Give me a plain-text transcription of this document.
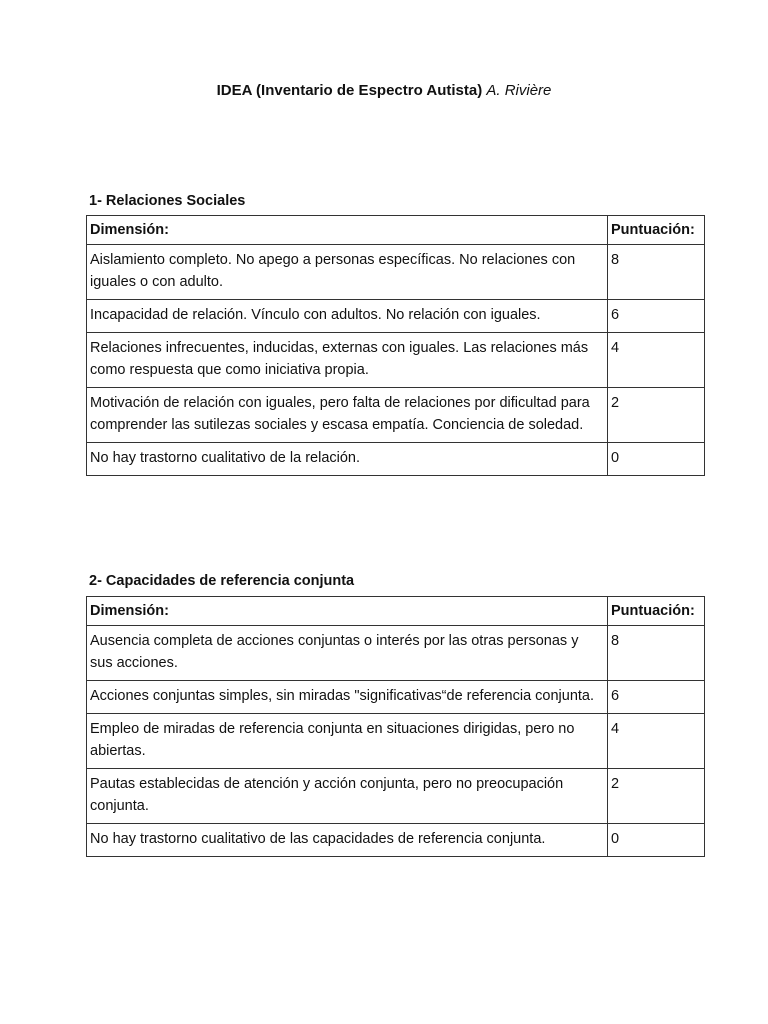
IDEA (Inventario de Espectro Autista) A. Rivière
1- Relaciones Sociales
Dimensión:	Puntuación:
Aislamiento completo. No apego a personas específicas. No relaciones con iguales o con adulto.	8
Incapacidad de relación. Vínculo con adultos. No relación con iguales.	6
Relaciones infrecuentes, inducidas, externas con iguales. Las relaciones más como respuesta que como iniciativa propia.	4
Motivación de relación con iguales, pero falta de relaciones por dificultad para comprender las sutilezas sociales y escasa empatía. Conciencia de soledad.	2
No hay trastorno cualitativo de la relación.	0
2- Capacidades de referencia conjunta
Dimensión:	Puntuación:
Ausencia completa de acciones conjuntas o interés por las otras personas y sus acciones.	8
Acciones conjuntas simples, sin miradas "significativas“de referencia conjunta.	6
Empleo de miradas de referencia conjunta en situaciones dirigidas, pero no abiertas.	4
Pautas establecidas de atención y acción conjunta, pero no preocupación conjunta.	2
No hay trastorno cualitativo de las capacidades de referencia conjunta.	0
